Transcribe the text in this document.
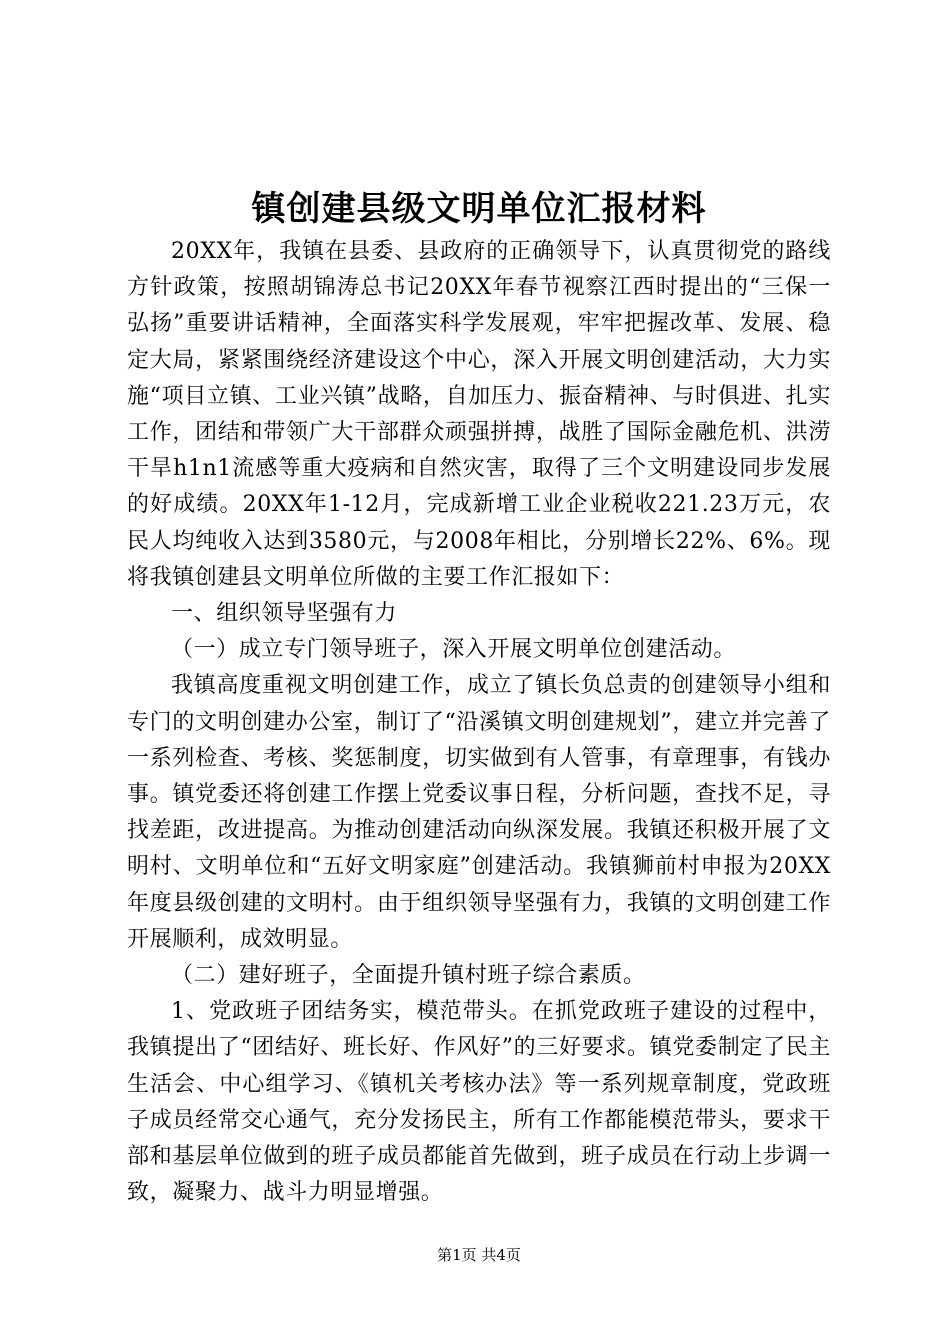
镇创建县级文明单位汇报材料

20XX年，我镇在县委、县政府的正确领导下，认真贯彻党的路线方针政策，按照胡锦涛总书记20XX年春节视察江西时提出的“三保一弘扬”重要讲话精神，全面落实科学发展观，牢牢把握改革、发展、稳定大局，紧紧围绕经济建设这个中心，深入开展文明创建活动，大力实施“项目立镇、工业兴镇”战略，自加压力、振奋精神、与时俱进、扎实工作，团结和带领广大干部群众顽强拼搏，战胜了国际金融危机、洪涝干旱h1n1流感等重大疫病和自然灾害，取得了三个文明建设同步发展的好成绩。20XX年1-12月，完成新增工业企业税收221.23万元，农民人均纯收入达到3580元，与2008年相比，分别增长22%、6%。现将我镇创建县文明单位所做的主要工作汇报如下：

一、组织领导坚强有力

（一）成立专门领导班子，深入开展文明单位创建活动。

我镇高度重视文明创建工作，成立了镇长负总责的创建领导小组和专门的文明创建办公室，制订了“沿溪镇文明创建规划”，建立并完善了一系列检查、考核、奖惩制度，切实做到有人管事，有章理事，有钱办事。镇党委还将创建工作摆上党委议事日程，分析问题，查找不足，寻找差距，改进提高。为推动创建活动向纵深发展。我镇还积极开展了文明村、文明单位和“五好文明家庭”创建活动。我镇狮前村申报为20XX年度县级创建的文明村。由于组织领导坚强有力，我镇的文明创建工作开展顺利，成效明显。

（二）建好班子，全面提升镇村班子综合素质。

1、党政班子团结务实，模范带头。在抓党政班子建设的过程中，我镇提出了“团结好、班长好、作风好”的三好要求。镇党委制定了民主生活会、中心组学习、《镇机关考核办法》等一系列规章制度，党政班子成员经常交心通气，充分发扬民主，所有工作都能模范带头，要求干部和基层单位做到的班子成员都能首先做到，班子成员在行动上步调一致，凝聚力、战斗力明显增强。

第1页 共4页
